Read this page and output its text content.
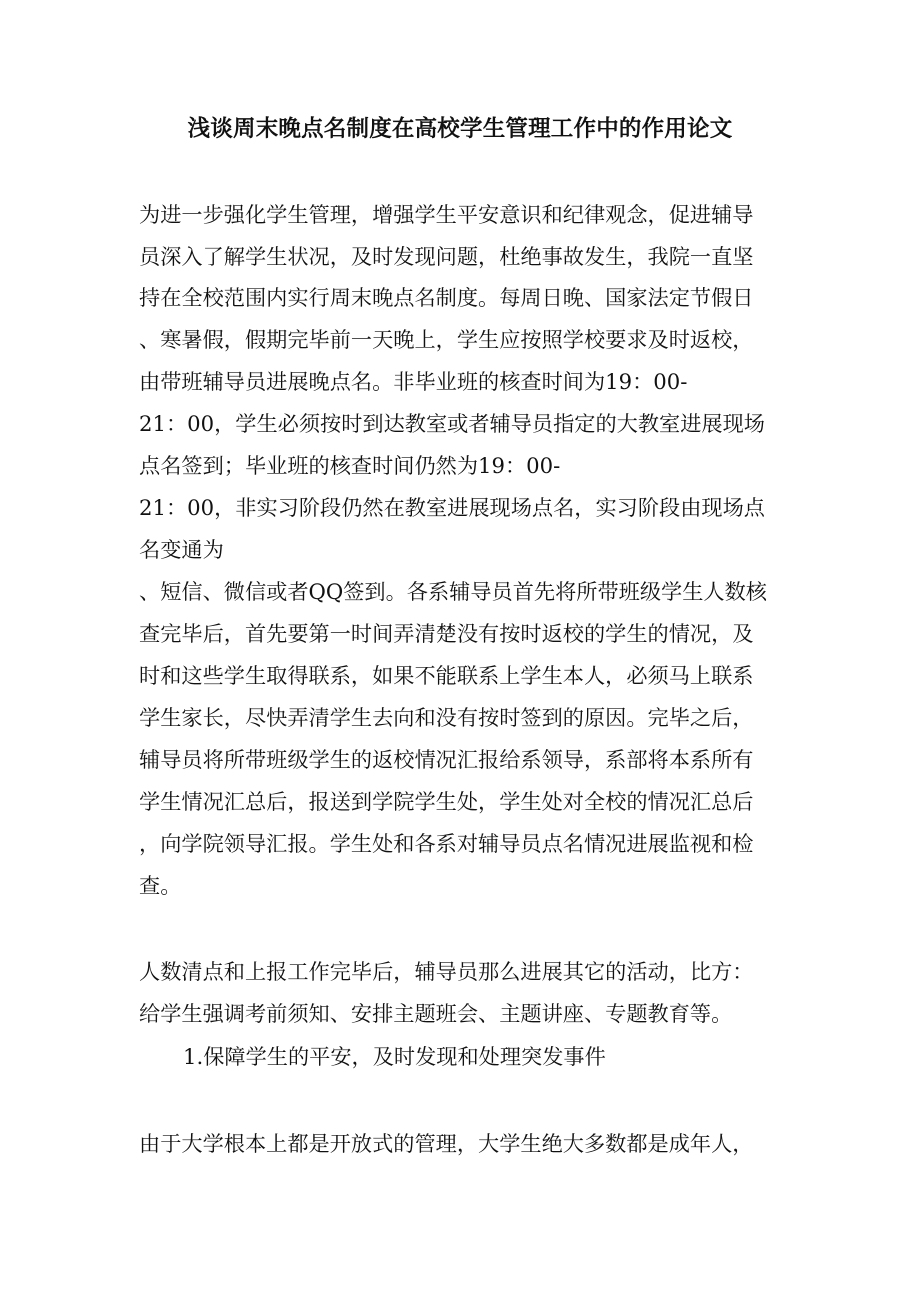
浅谈周末晚点名制度在高校学生管理工作中的作用论文
为进一步强化学生管理，增强学生平安意识和纪律观念，促进辅导
员深入了解学生状况，及时发现问题，杜绝事故发生，我院一直坚
持在全校范围内实行周末晚点名制度。每周日晚、国家法定节假日
、寒暑假，假期完毕前一天晚上，学生应按照学校要求及时返校，
由带班辅导员进展晚点名。非毕业班的核查时间为19：00-
21：00，学生必须按时到达教室或者辅导员指定的大教室进展现场
点名签到；毕业班的核查时间仍然为19：00-
21：00，非实习阶段仍然在教室进展现场点名，实习阶段由现场点
名变通为
、短信、微信或者QQ签到。各系辅导员首先将所带班级学生人数核
查完毕后，首先要第一时间弄清楚没有按时返校的学生的情况，及
时和这些学生取得联系，如果不能联系上学生本人，必须马上联系
学生家长，尽快弄清学生去向和没有按时签到的原因。完毕之后，
辅导员将所带班级学生的返校情况汇报给系领导，系部将本系所有
学生情况汇总后，报送到学院学生处，学生处对全校的情况汇总后
，向学院领导汇报。学生处和各系对辅导员点名情况进展监视和检
查。
人数清点和上报工作完毕后，辅导员那么进展其它的活动，比方：
给学生强调考前须知、安排主题班会、主题讲座、专题教育等。
1.保障学生的平安，及时发现和处理突发事件
由于大学根本上都是开放式的管理，大学生绝大多数都是成年人，
